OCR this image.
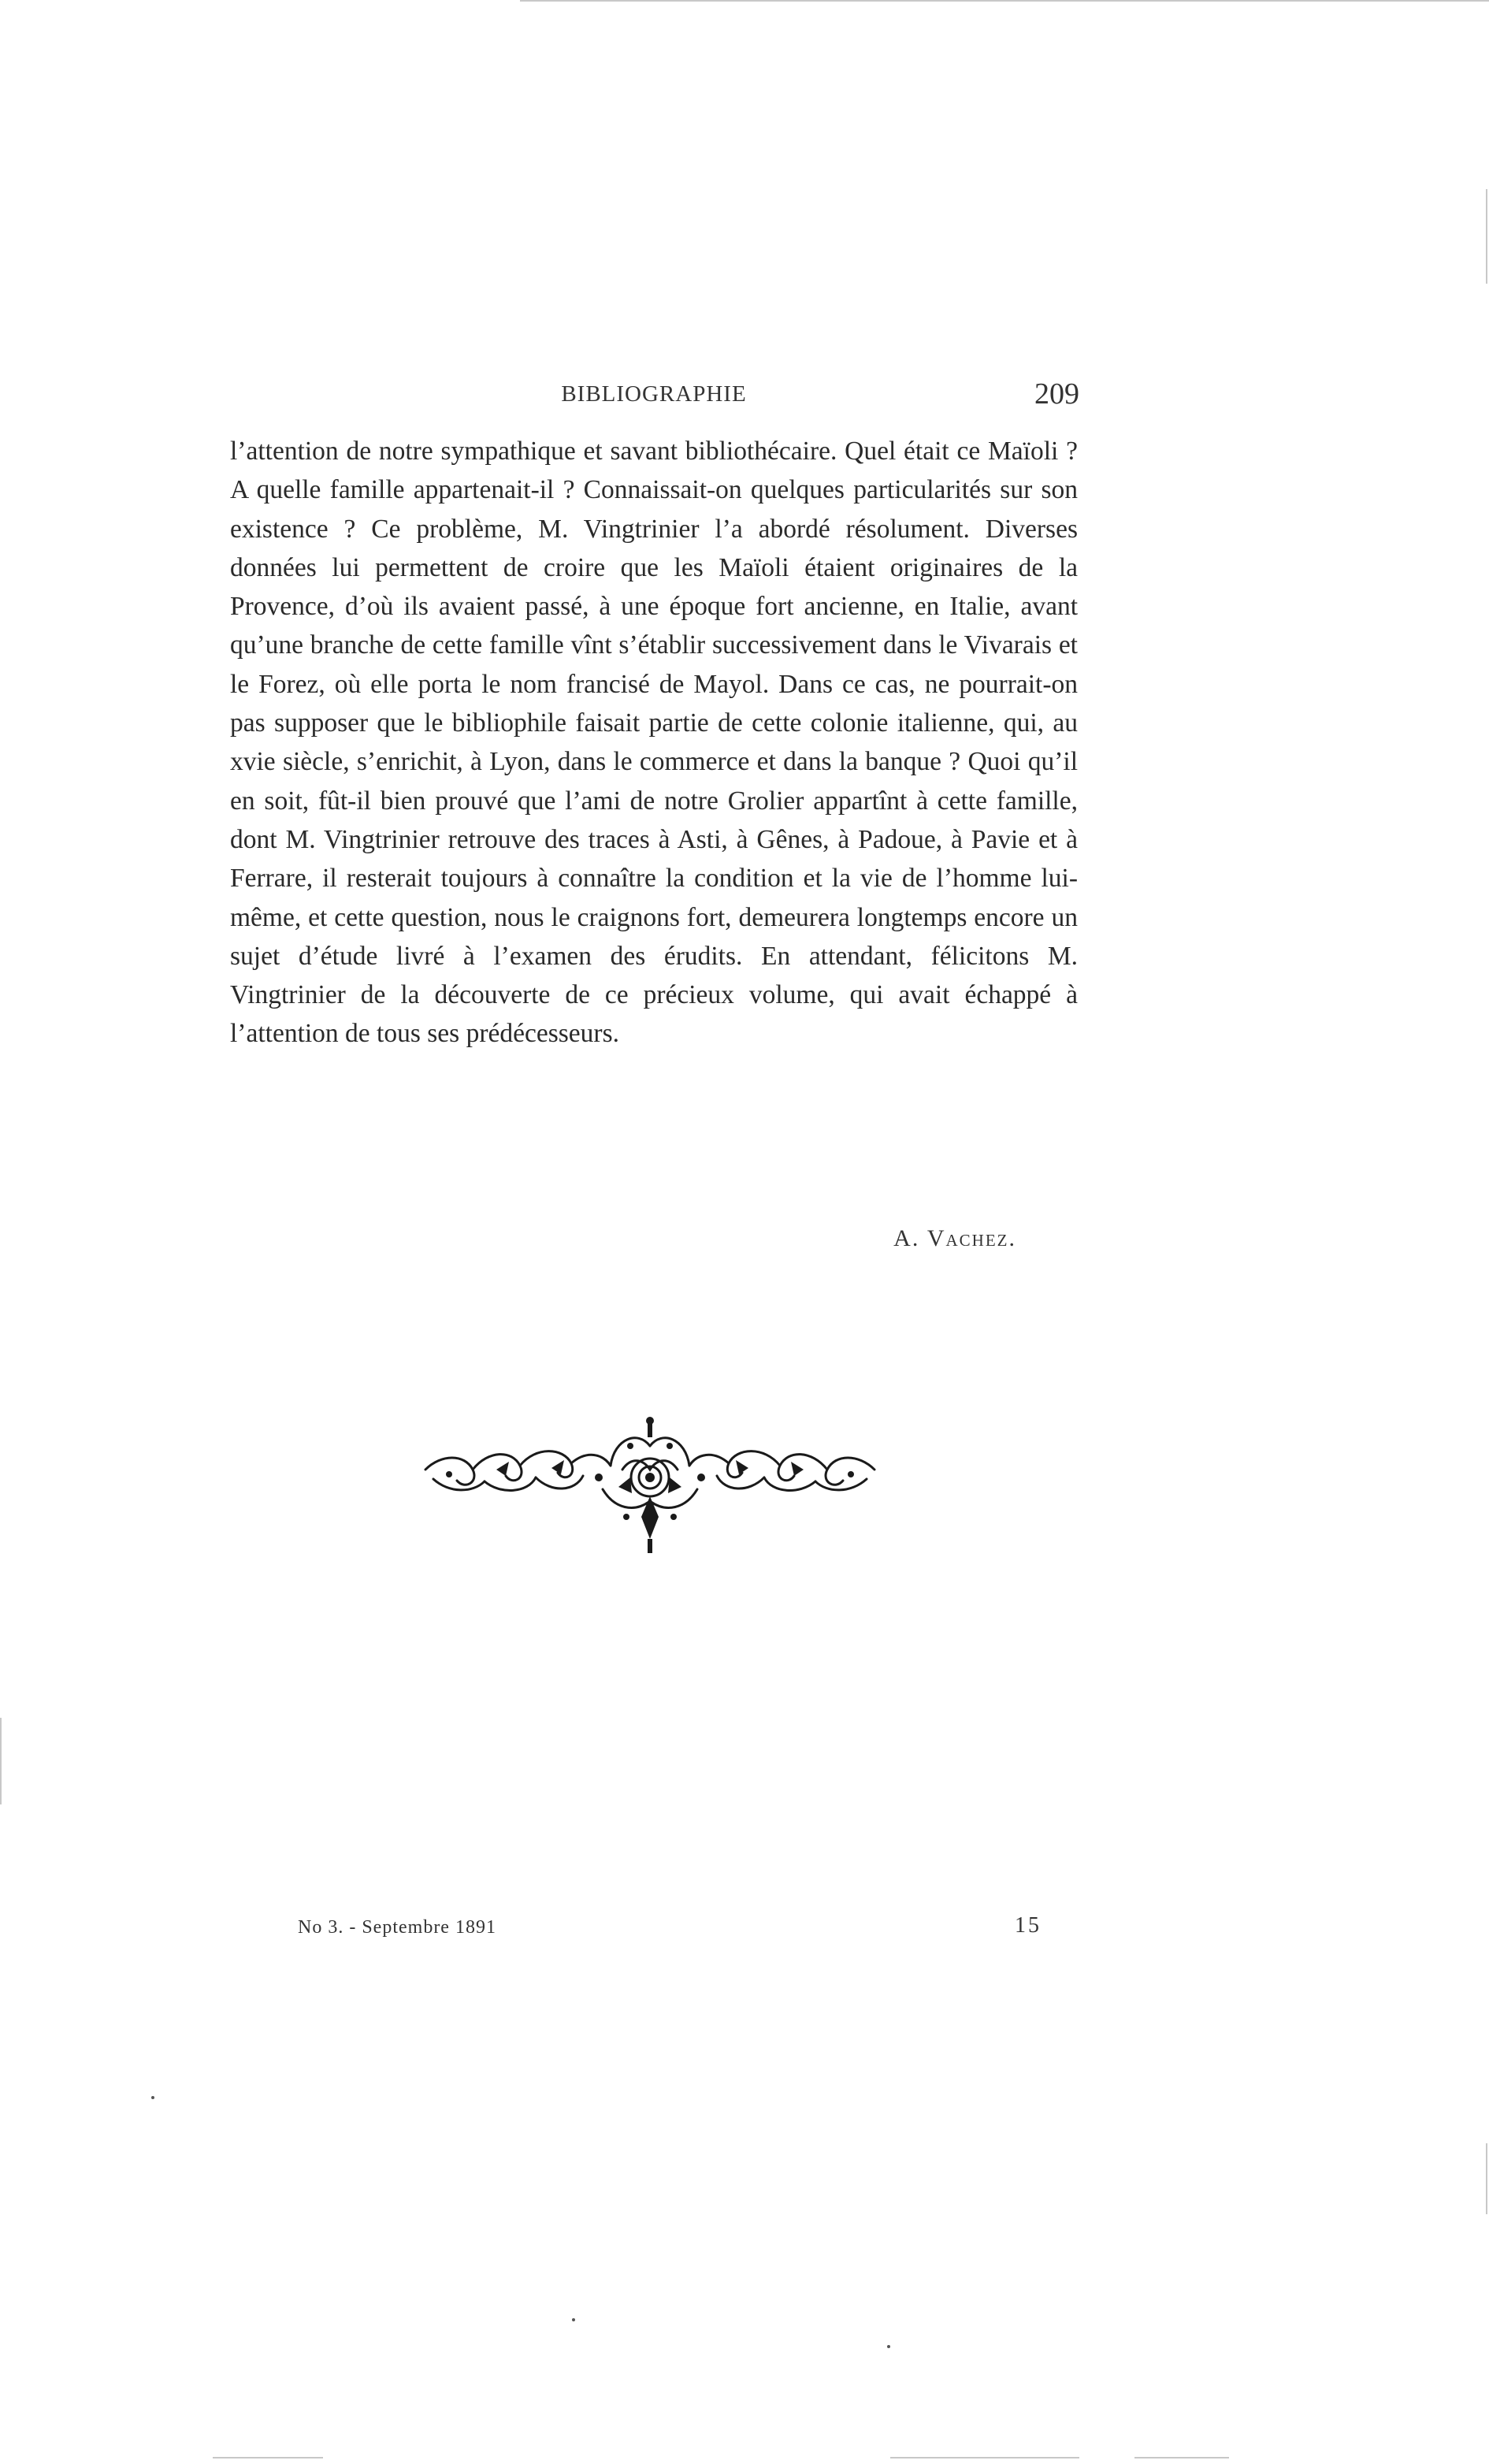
BIBLIOGRAPHIE	209

l’attention de notre sympathique et savant bibliothécaire. Quel était ce Maïoli ? A quelle famille appartenait-il ? Connaissait-on quelques particularités sur son existence ? Ce problème, M. Vingtrinier l’a abordé résolument. Diverses données lui permettent de croire que les Maïoli étaient originaires de la Provence, d’où ils avaient passé, à une époque fort ancienne, en Italie, avant qu’une branche de cette famille vînt s’établir successivement dans le Vivarais et le Forez, où elle porta le nom francisé de Mayol. Dans ce cas, ne pourrait-on pas supposer que le bibliophile faisait partie de cette colonie italienne, qui, au xvie siècle, s’enrichit, à Lyon, dans le commerce et dans la banque ? Quoi qu’il en soit, fût-il bien prouvé que l’ami de notre Grolier appartînt à cette famille, dont M. Vingtrinier retrouve des traces à Asti, à Gênes, à Padoue, à Pavie et à Ferrare, il resterait toujours à connaître la condition et la vie de l’homme lui-même, et cette question, nous le craignons fort, demeurera longtemps encore un sujet d’étude livré à l’examen des érudits. En attendant, félicitons M. Vingtrinier de la découverte de ce précieux volume, qui avait échappé à l’attention de tous ses prédécesseurs.

A. Vachez.
No 3. - Septembre 1891	15
